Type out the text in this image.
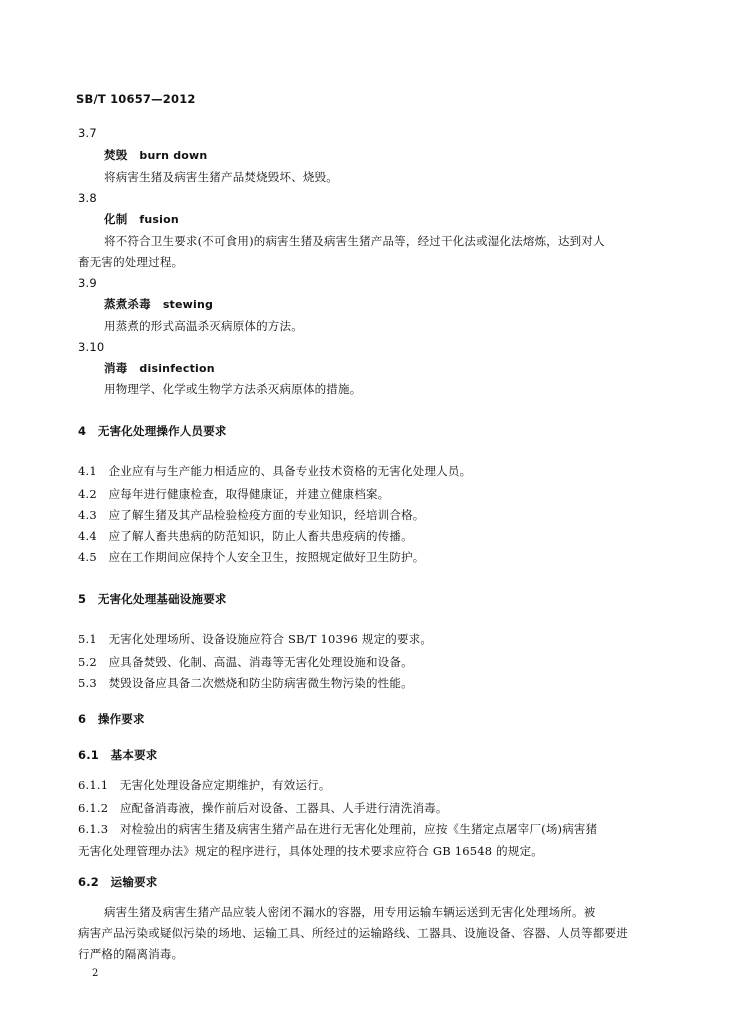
SB/T 10657—2012
3.7
焚毁 burn down
将病害生猪及病害生猪产品焚烧毁坏、烧毁。
3.8
化制 fusion
将不符合卫生要求(不可食用)的病害生猪及病害生猪产品等，经过干化法或湿化法熔炼，达到对人
畜无害的处理过程。
3.9
蒸煮杀毒 stewing
用蒸煮的形式高温杀灭病原体的方法。
3.10
消毒 disinfection
用物理学、化学或生物学方法杀灭病原体的措施。
4　无害化处理操作人员要求
4.1　企业应有与生产能力相适应的、具备专业技术资格的无害化处理人员。
4.2　应每年进行健康检查，取得健康证，并建立健康档案。
4.3　应了解生猪及其产品检验检疫方面的专业知识，经培训合格。
4.4　应了解人畜共患病的防范知识，防止人畜共患疫病的传播。
4.5　应在工作期间应保持个人安全卫生，按照规定做好卫生防护。
5　无害化处理基础设施要求
5.1　无害化处理场所、设备设施应符合 SB/T 10396 规定的要求。
5.2　应具备焚毁、化制、高温、消毒等无害化处理设施和设备。
5.3　焚毁设备应具备二次燃烧和防尘防病害微生物污染的性能。
6　操作要求
6.1　基本要求
6.1.1　无害化处理设备应定期维护，有效运行。
6.1.2　应配备消毒液，操作前后对设备、工器具、人手进行清洗消毒。
6.1.3　对检验出的病害生猪及病害生猪产品在进行无害化处理前，应按《生猪定点屠宰厂(场)病害猪
无害化处理管理办法》规定的程序进行，具体处理的技术要求应符合 GB 16548 的规定。
6.2　运输要求
病害生猪及病害生猪产品应装人密闭不漏水的容器，用专用运输车辆运送到无害化处理场所。被
病害产品污染或疑似污染的场地、运输工具、所经过的运输路线、工器具、设施设备、容器、人员等都要进
行严格的隔离消毒。
2
